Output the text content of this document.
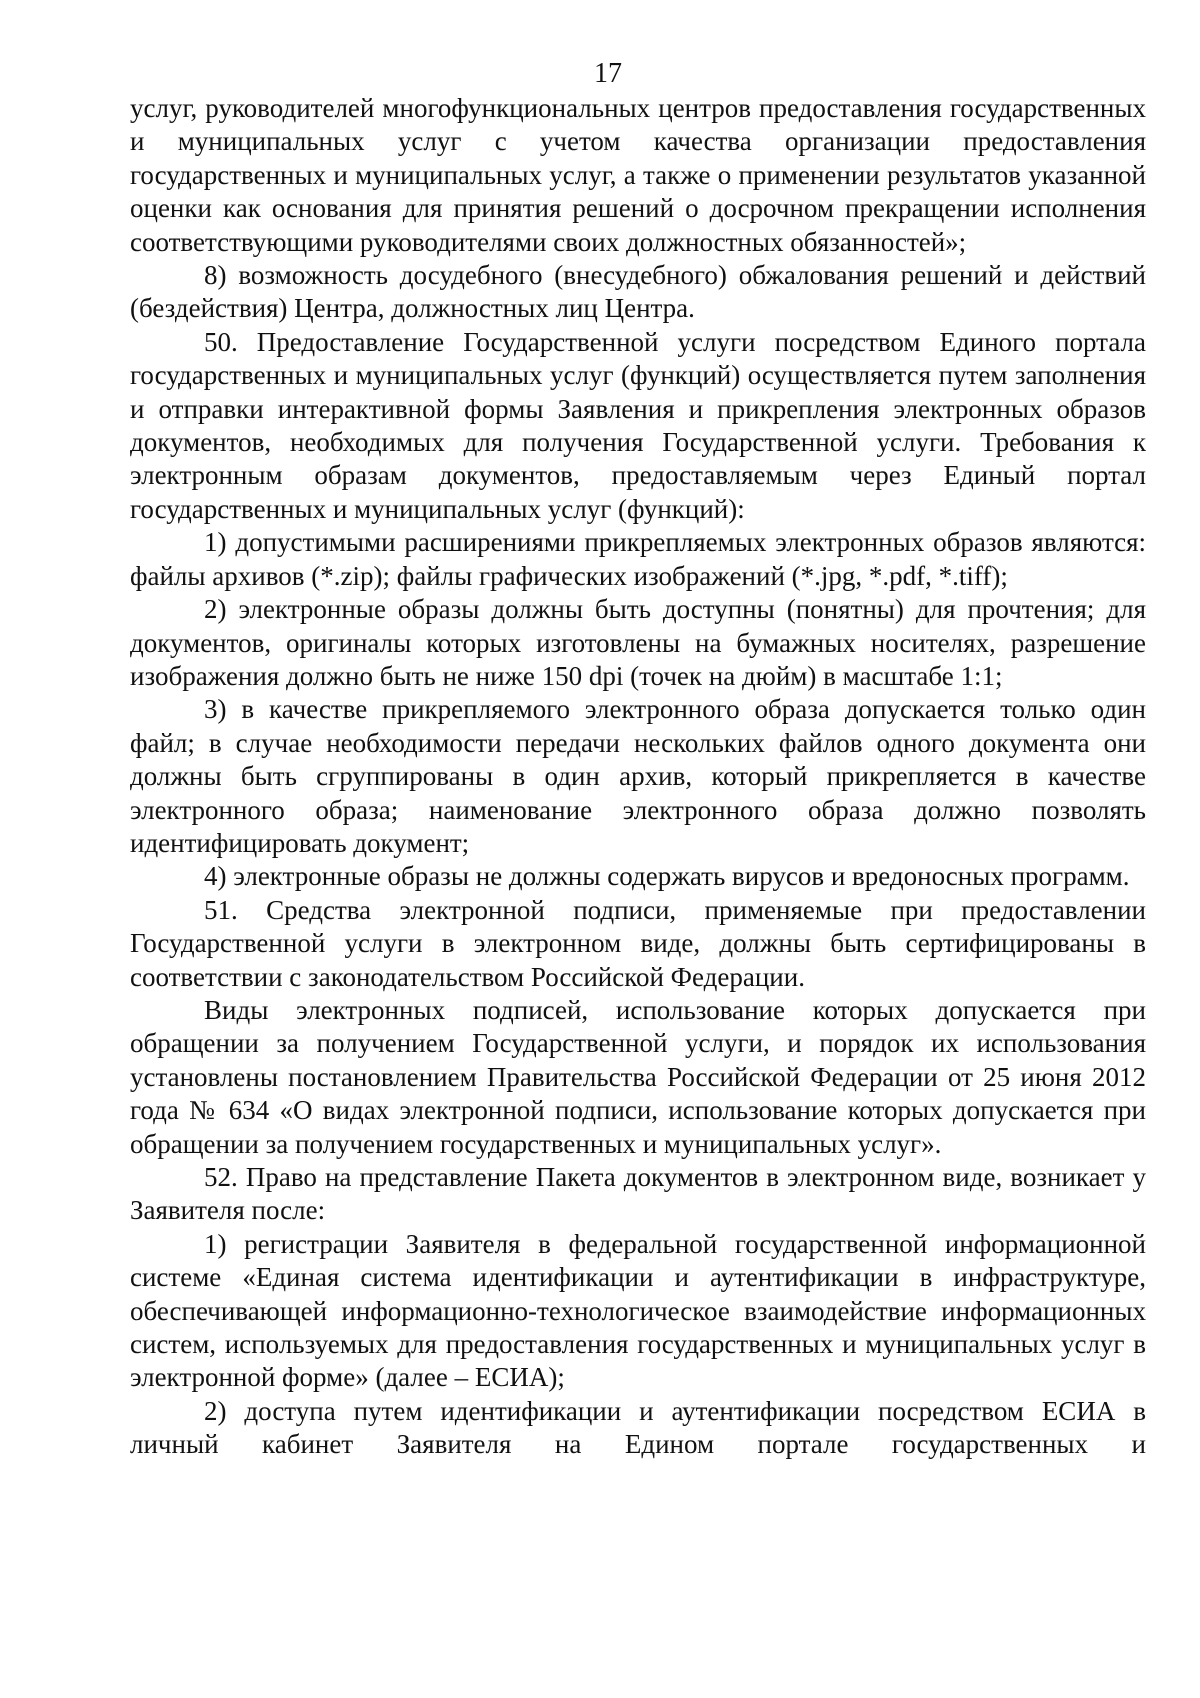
17

услуг, руководителей многофункциональных центров предоставления государственных и муниципальных услуг с учетом качества организации предоставления государственных и муниципальных услуг, а также о применении результатов указанной оценки как основания для принятия решений о досрочном прекращении исполнения соответствующими руководителями своих должностных обязанностей»;

8) возможность досудебного (внесудебного) обжалования решений и действий (бездействия) Центра, должностных лиц Центра.

50. Предоставление Государственной услуги посредством Единого портала государственных и муниципальных услуг (функций) осуществляется путем заполнения и отправки интерактивной формы Заявления и прикрепления электронных образов документов, необходимых для получения Государственной услуги. Требования к электронным образам документов, предоставляемым через Единый портал государственных и муниципальных услуг (функций):

1) допустимыми расширениями прикрепляемых электронных образов являются: файлы архивов (*.zip); файлы графических изображений (*.jpg, *.pdf, *.tiff);

2) электронные образы должны быть доступны (понятны) для прочтения; для документов, оригиналы которых изготовлены на бумажных носителях, разрешение изображения должно быть не ниже 150 dpi (точек на дюйм) в масштабе 1:1;

3) в качестве прикрепляемого электронного образа допускается только один файл; в случае необходимости передачи нескольких файлов одного документа они должны быть сгруппированы в один архив, который прикрепляется в качестве электронного образа; наименование электронного образа должно позволять идентифицировать документ;

4) электронные образы не должны содержать вирусов и вредоносных программ.

51. Средства электронной подписи, применяемые при предоставлении Государственной услуги в электронном виде, должны быть сертифицированы в соответствии с законодательством Российской Федерации.

Виды электронных подписей, использование которых допускается при обращении за получением Государственной услуги, и порядок их использования установлены постановлением Правительства Российской Федерации от 25 июня 2012 года № 634 «О видах электронной подписи, использование которых допускается при обращении за получением государственных и муниципальных услуг».

52. Право на представление Пакета документов в электронном виде, возникает у Заявителя после:

1) регистрации Заявителя в федеральной государственной информационной системе «Единая система идентификации и аутентификации в инфраструктуре, обеспечивающей информационно-технологическое взаимодействие информационных систем, используемых для предоставления государственных и муниципальных услуг в электронной форме» (далее – ЕСИА);

2) доступа путем идентификации и аутентификации посредством ЕСИА в личный кабинет Заявителя на Едином портале государственных и
